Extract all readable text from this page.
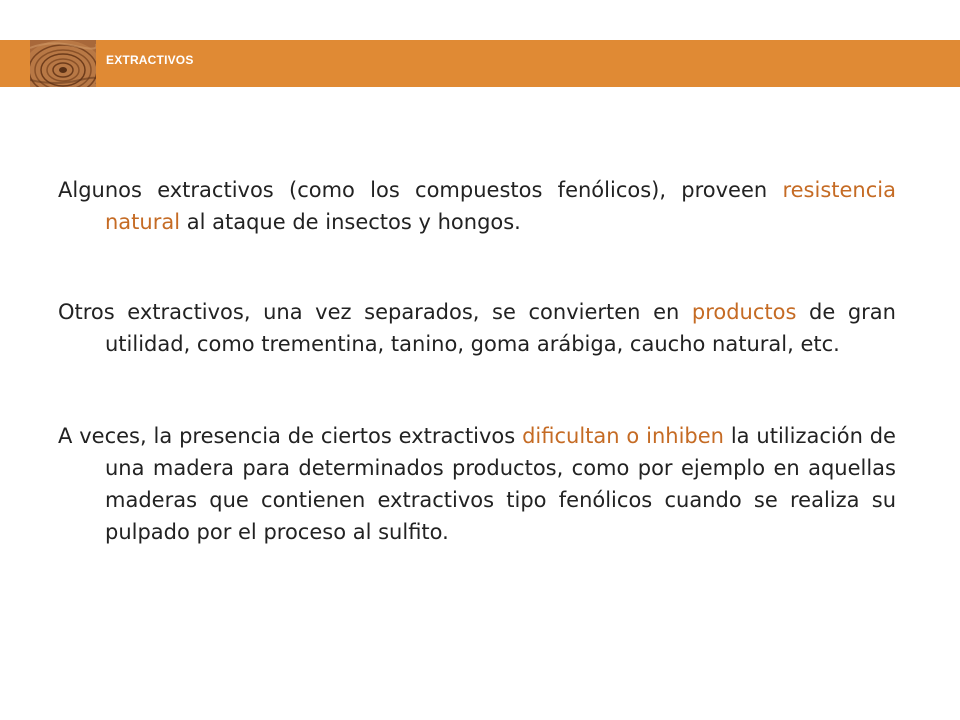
EXTRACTIVOS

Algunos extractivos (como los compuestos fenólicos), proveen resistencia natural al ataque de insectos y hongos.

Otros extractivos, una vez separados, se convierten en productos de gran utilidad, como trementina, tanino, goma arábiga, caucho natural, etc.

A veces, la presencia de ciertos extractivos dificultan o inhiben la utilización de una madera para determinados productos, como por ejemplo en aquellas maderas que contienen extractivos tipo fenólicos cuando se realiza su pulpado por el proceso al sulfito.
